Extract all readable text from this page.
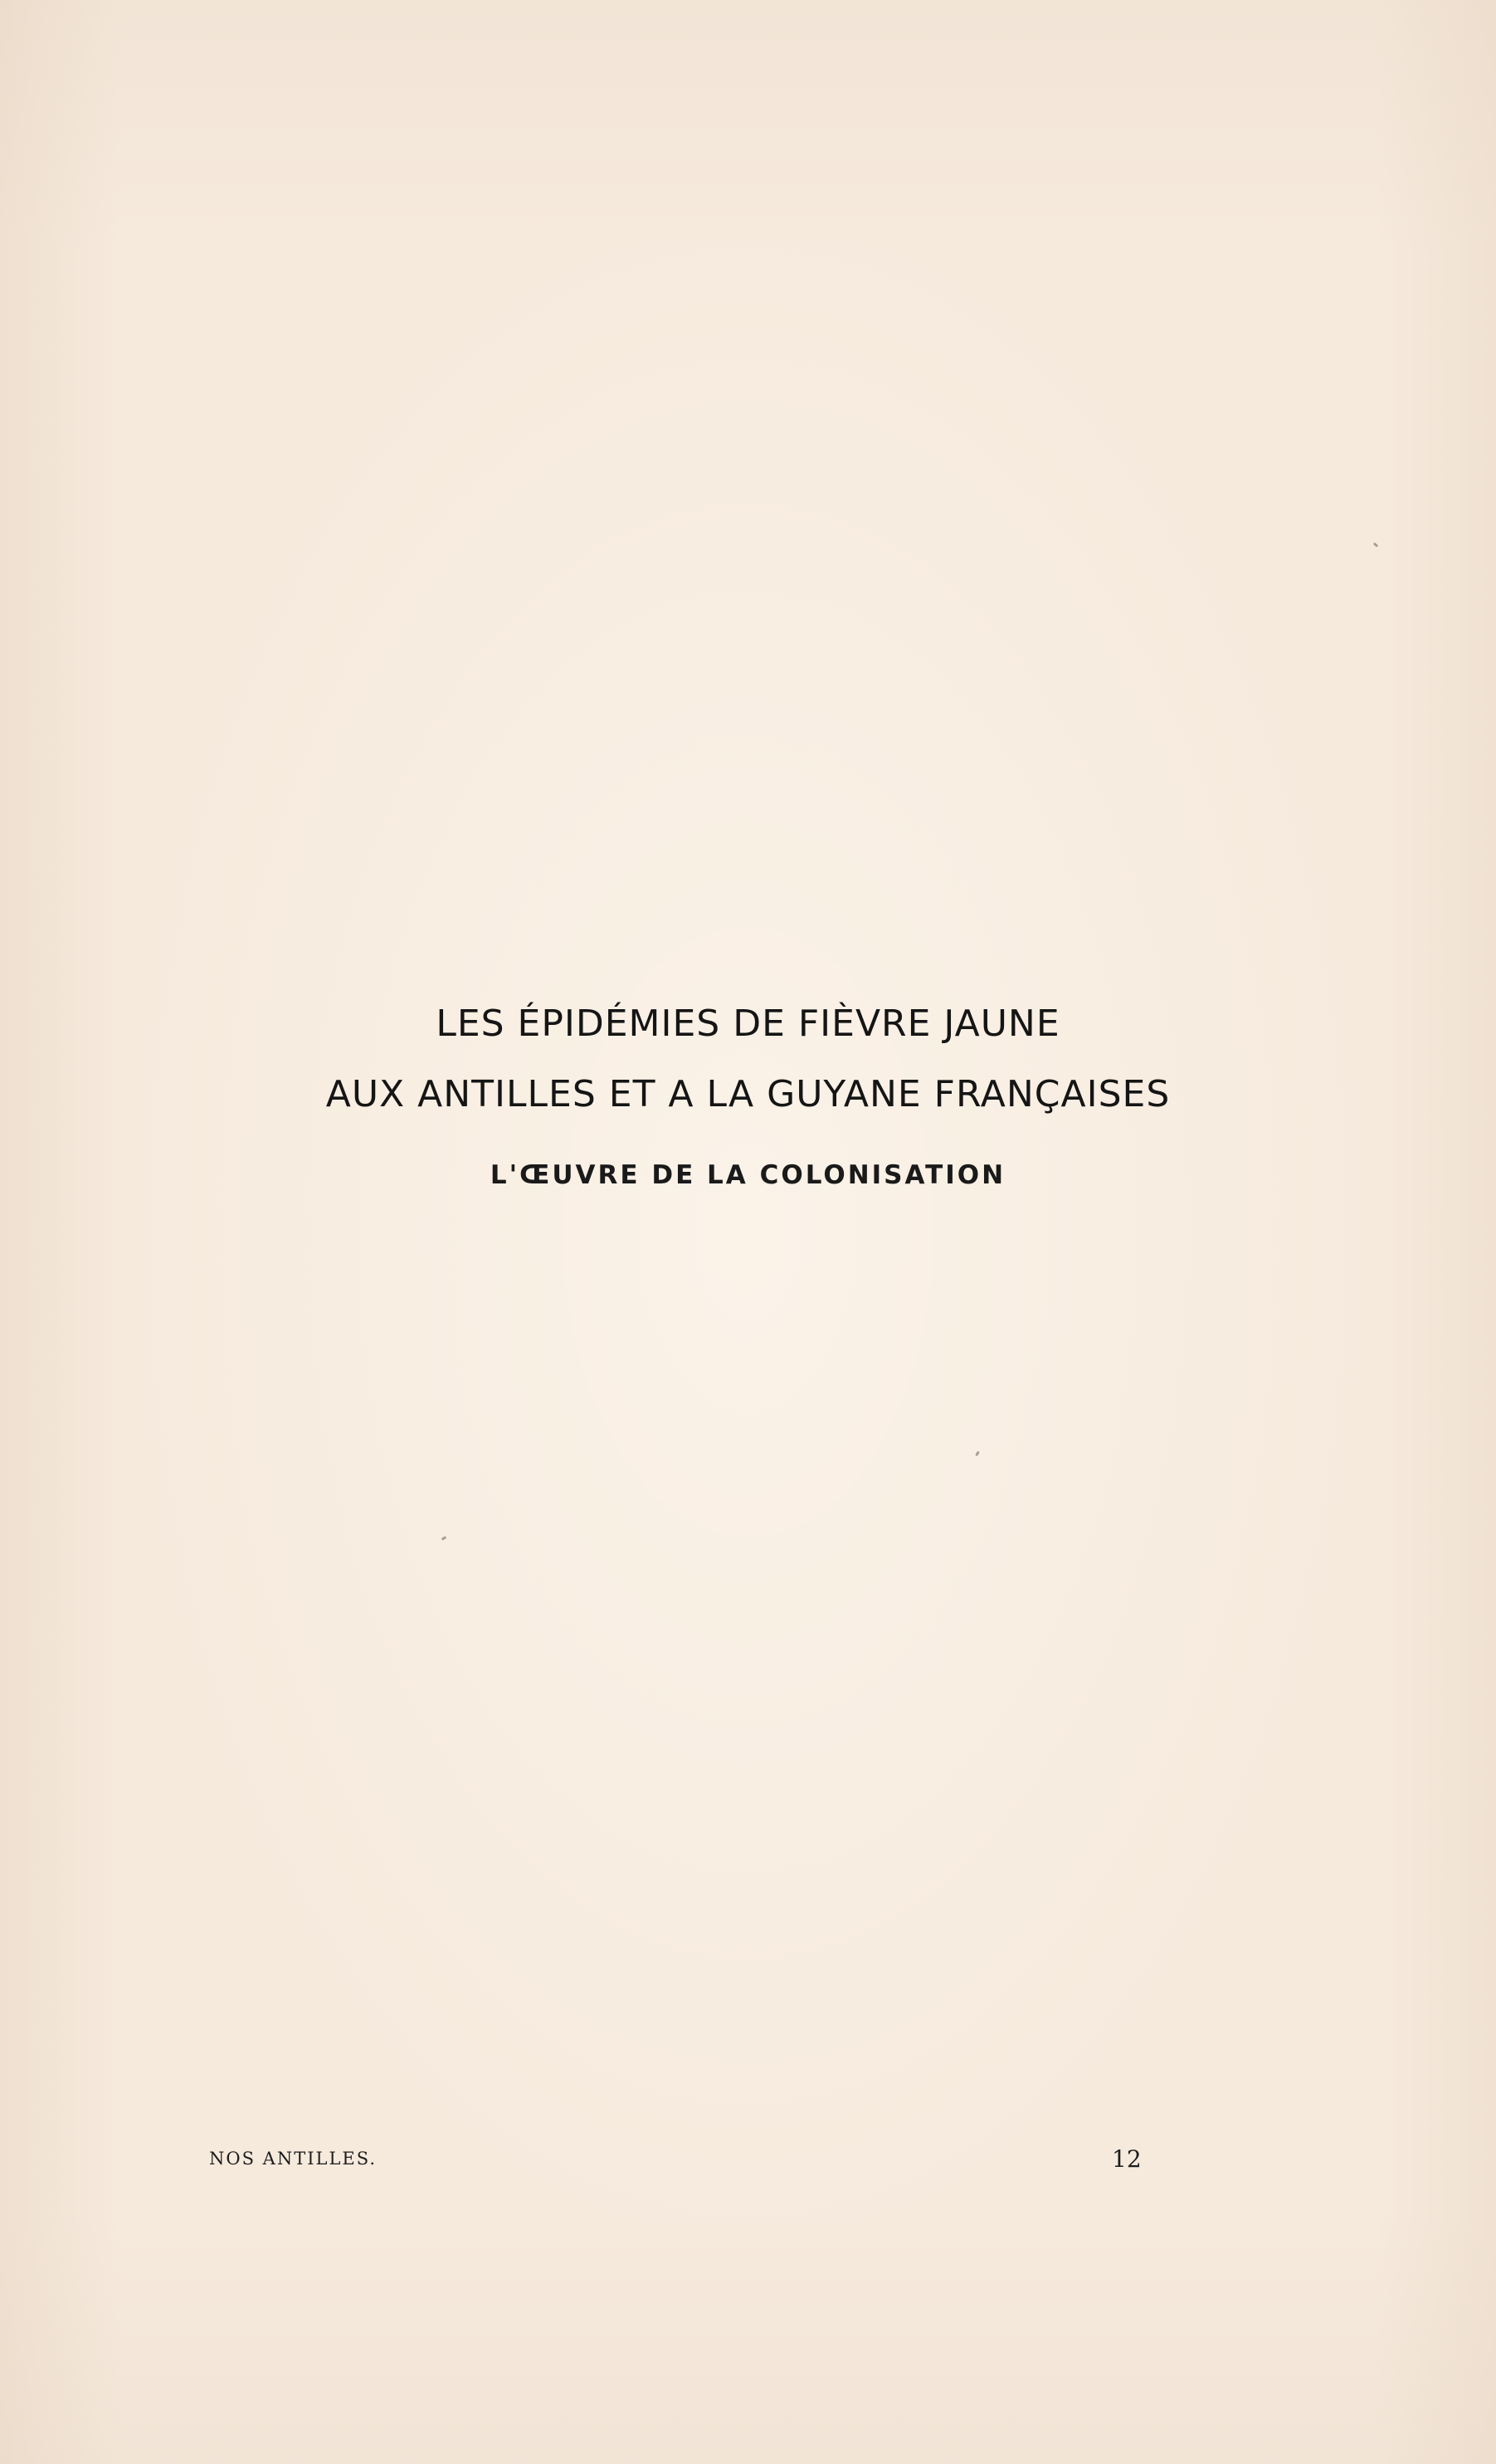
LES ÉPIDÉMIES DE FIÈVRE JAUNE
AUX ANTILLES ET A LA GUYANE FRANÇAISES
L'ŒUVRE DE LA COLONISATION
NOS ANTILLES.	12
